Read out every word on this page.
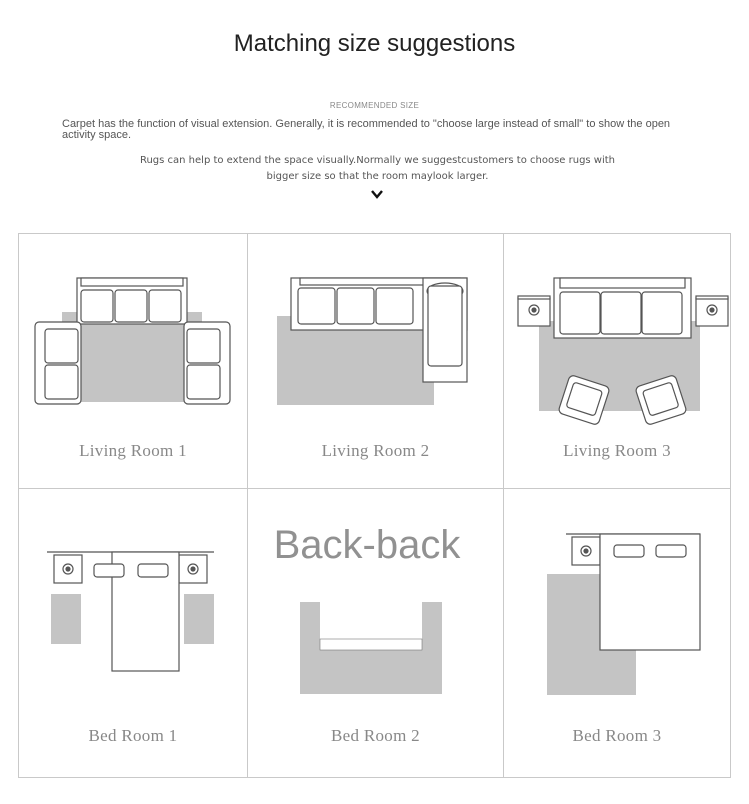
Matching size suggestions
RECOMMENDED SIZE
Carpet has the function of visual extension. Generally, it is recommended to "choose large instead of small" to show the open activity space.
Rugs can help to extend the space visually.Normally we suggestcustomers to choose rugs with
bigger size so that the room maylook larger.
Living Room 1	Living Room 2	Living Room 3
Bed Room 1	Bed Room 2	Bed Room 3
Back-back
